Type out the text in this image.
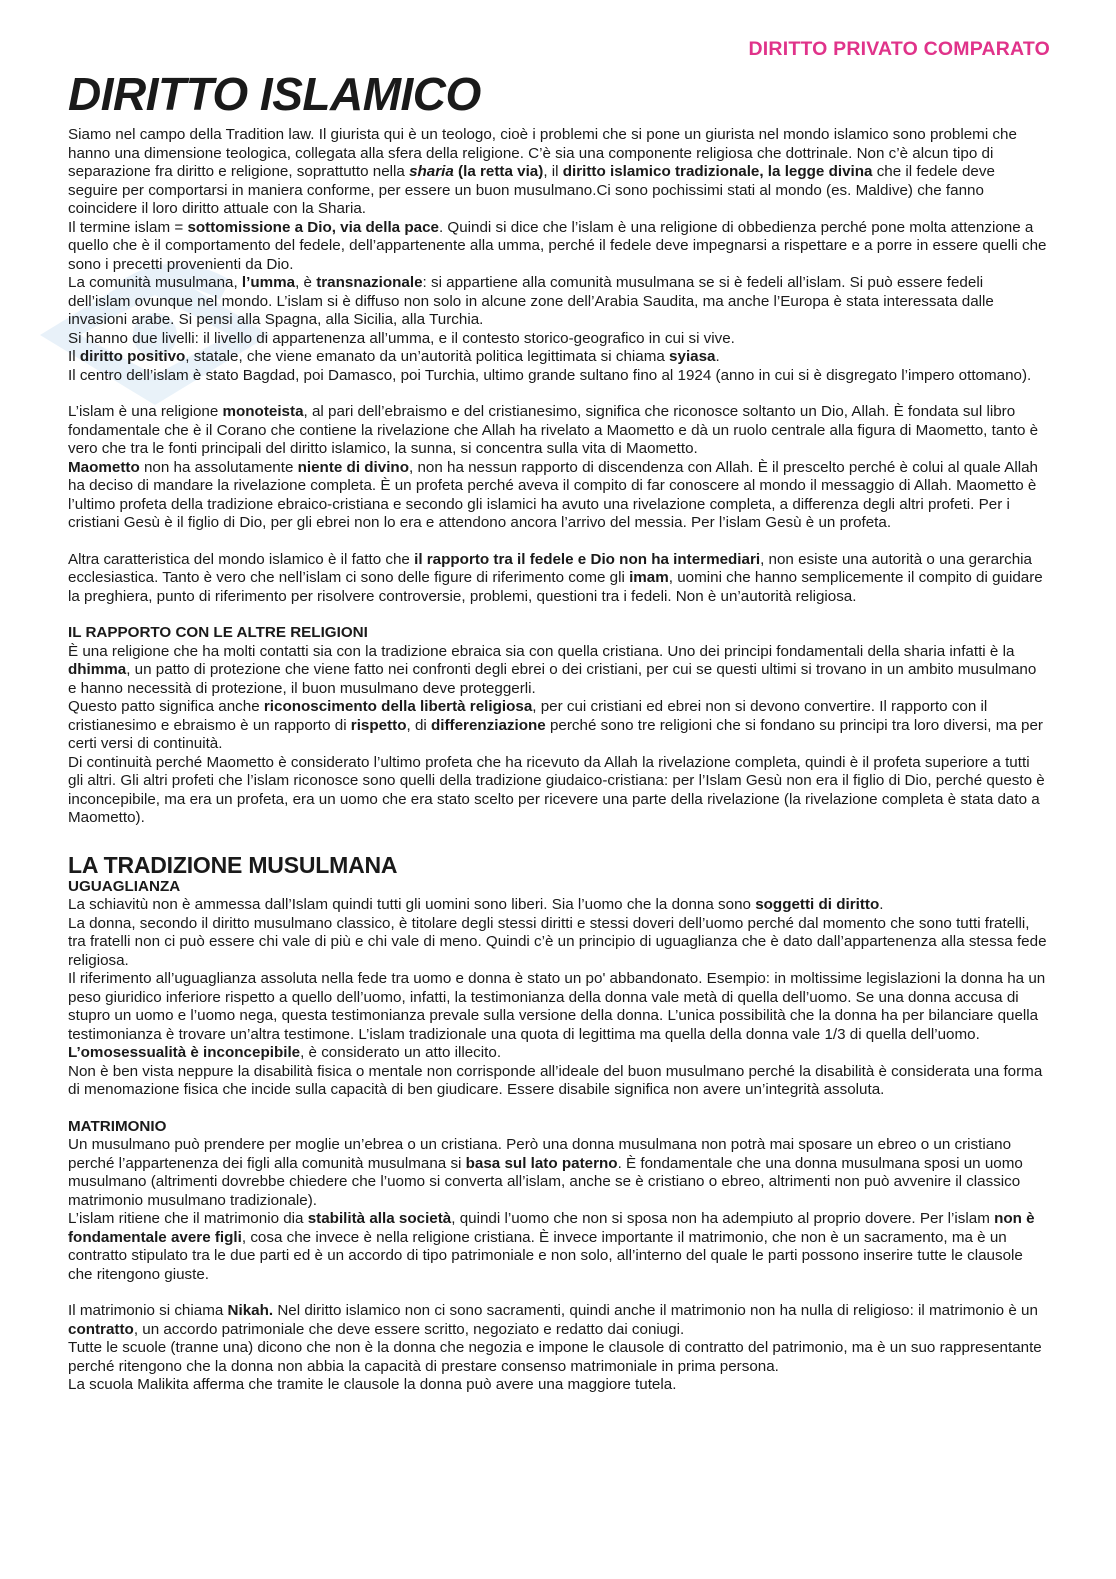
DIRITTO PRIVATO COMPARATO
DIRITTO ISLAMICO

Siamo nel campo della Tradition law. Il giurista qui è un teologo, cioè i problemi che si pone un giurista nel mondo islamico sono problemi che hanno una dimensione teologica, collegata alla sfera della religione. C’è sia una componente religiosa che dottrinale. Non c’è alcun tipo di separazione fra diritto e religione, soprattutto nella sharia (la retta via), il diritto islamico tradizionale, la legge divina che il fedele deve seguire per comportarsi in maniera conforme, per essere un buon musulmano.Ci sono pochissimi stati al mondo (es. Maldive) che fanno coincidere il loro diritto attuale con la Sharia.

Il termine islam = sottomissione a Dio, via della pace. Quindi si dice che l’islam è una religione di obbedienza perché pone molta attenzione a quello che è il comportamento del fedele, dell’appartenente alla umma, perché il fedele deve impegnarsi a rispettare e a porre in essere quelli che sono i precetti provenienti da Dio.

La comunità musulmana, l’umma, è transnazionale: si appartiene alla comunità musulmana se si è fedeli all’islam. Si può essere fedeli dell’islam ovunque nel mondo. L’islam si è diffuso non solo in alcune zone dell’Arabia Saudita, ma anche l’Europa è stata interessata dalle invasioni arabe. Si pensi alla Spagna, alla Sicilia, alla Turchia.

Si hanno due livelli: il livello di appartenenza all’umma, e il contesto storico-geografico in cui si vive.

Il diritto positivo, statale, che viene emanato da un’autorità politica legittimata si chiama syiasa.

Il centro dell’islam è stato Bagdad, poi Damasco, poi Turchia, ultimo grande sultano fino al 1924 (anno in cui si è disgregato l’impero ottomano).

L’islam è una religione monoteista, al pari dell’ebraismo e del cristianesimo, significa che riconosce soltanto un Dio, Allah. È fondata sul libro fondamentale che è il Corano che contiene la rivelazione che Allah ha rivelato a Maometto e dà un ruolo centrale alla figura di Maometto, tanto è vero che tra le fonti principali del diritto islamico, la sunna, si concentra sulla vita di Maometto.

Maometto non ha assolutamente niente di divino, non ha nessun rapporto di discendenza con Allah. È il prescelto perché è colui al quale Allah ha deciso di mandare la rivelazione completa. È un profeta perché aveva il compito di far conoscere al mondo il messaggio di Allah. Maometto è l’ultimo profeta della tradizione ebraico-cristiana e secondo gli islamici ha avuto una rivelazione completa, a differenza degli altri profeti. Per i cristiani Gesù è il figlio di Dio, per gli ebrei non lo era e attendono ancora l’arrivo del messia. Per l’islam Gesù è un profeta.

Altra caratteristica del mondo islamico è il fatto che il rapporto tra il fedele e Dio non ha intermediari, non esiste una autorità o una gerarchia ecclesiastica. Tanto è vero che nell’islam ci sono delle figure di riferimento come gli imam, uomini che hanno semplicemente il compito di guidare la preghiera, punto di riferimento per risolvere controversie, problemi, questioni tra i fedeli. Non è un’autorità religiosa.

IL RAPPORTO CON LE ALTRE RELIGIONI

È una religione che ha molti contatti sia con la tradizione ebraica sia con quella cristiana. Uno dei principi fondamentali della sharia infatti è la dhimma, un patto di protezione che viene fatto nei confronti degli ebrei o dei cristiani, per cui se questi ultimi si trovano in un ambito musulmano e hanno necessità di protezione, il buon musulmano deve proteggerli.

Questo patto significa anche riconoscimento della libertà religiosa, per cui cristiani ed ebrei non si devono convertire. Il rapporto con il cristianesimo e ebraismo è un rapporto di rispetto, di differenziazione perché sono tre religioni che si fondano su principi tra loro diversi, ma per certi versi di continuità.

Di continuità perché Maometto è considerato l’ultimo profeta che ha ricevuto da Allah la rivelazione completa, quindi è il profeta superiore a tutti gli altri. Gli altri profeti che l’islam riconosce sono quelli della tradizione giudaico-cristiana: per l’Islam Gesù non era il figlio di Dio, perché questo è inconcepibile, ma era un profeta, era un uomo che era stato scelto per ricevere una parte della rivelazione (la rivelazione completa è stata dato a Maometto).

LA TRADIZIONE MUSULMANA

UGUAGLIANZA

La schiavitù non è ammessa dall’Islam quindi tutti gli uomini sono liberi. Sia l’uomo che la donna sono soggetti di diritto.

La donna, secondo il diritto musulmano classico, è titolare degli stessi diritti e stessi doveri dell’uomo perché dal momento che sono tutti fratelli, tra fratelli non ci può essere chi vale di più e chi vale di meno. Quindi c’è un principio di uguaglianza che è dato dall’appartenenza alla stessa fede religiosa.

Il riferimento all’uguaglianza assoluta nella fede tra uomo e donna è stato un po' abbandonato. Esempio: in moltissime legislazioni la donna ha un peso giuridico inferiore rispetto a quello dell’uomo, infatti, la testimonianza della donna vale metà di quella dell’uomo. Se una donna accusa di stupro un uomo e l’uomo nega, questa testimonianza prevale sulla versione della donna. L’unica possibilità che la donna ha per bilanciare quella testimonianza è trovare un’altra testimone. L’islam tradizionale una quota di legittima ma quella della donna vale 1/3 di quella dell’uomo.

L’omosessualità è inconcepibile, è considerato un atto illecito.

Non è ben vista neppure la disabilità fisica o mentale non corrisponde all’ideale del buon musulmano perché la disabilità è considerata una forma di menomazione fisica che incide sulla capacità di ben giudicare. Essere disabile significa non avere un’integrità assoluta.

MATRIMONIO

Un musulmano può prendere per moglie un’ebrea o un cristiana. Però una donna musulmana non potrà mai sposare un ebreo o un cristiano perché l’appartenenza dei figli alla comunità musulmana si basa sul lato paterno. È fondamentale che una donna musulmana sposi un uomo musulmano (altrimenti dovrebbe chiedere che l’uomo si converta all’islam, anche se è cristiano o ebreo, altrimenti non può avvenire il classico matrimonio musulmano tradizionale).

L’islam ritiene che il matrimonio dia stabilità alla società, quindi l’uomo che non si sposa non ha adempiuto al proprio dovere. Per l’islam non è fondamentale avere figli, cosa che invece è nella religione cristiana. È invece importante il matrimonio, che non è un sacramento, ma è un contratto stipulato tra le due parti ed è un accordo di tipo patrimoniale e non solo, all’interno del quale le parti possono inserire tutte le clausole che ritengono giuste.

Il matrimonio si chiama Nikah. Nel diritto islamico non ci sono sacramenti, quindi anche il matrimonio non ha nulla di religioso: il matrimonio è un contratto, un accordo patrimoniale che deve essere scritto, negoziato e redatto dai coniugi.

Tutte le scuole (tranne una) dicono che non è la donna che negozia e impone le clausole di contratto del patrimonio, ma è un suo rappresentante perché ritengono che la donna non abbia la capacità di prestare consenso matrimoniale in prima persona.

La scuola Malikita afferma che tramite le clausole la donna può avere una maggiore tutela.
